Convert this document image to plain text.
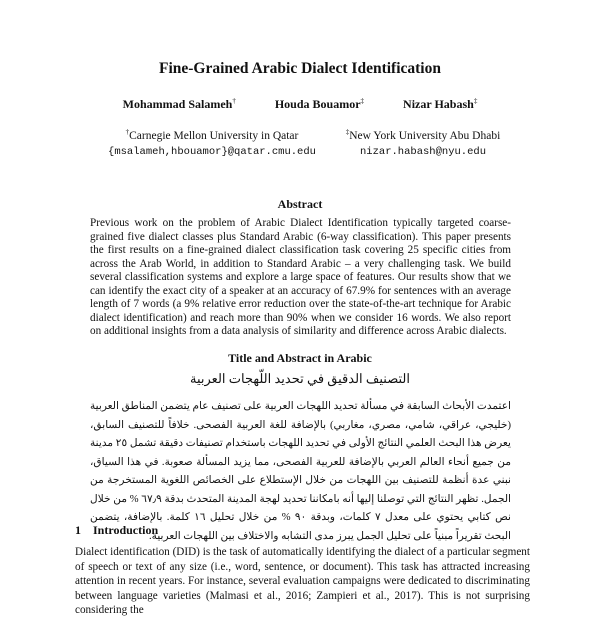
Fine-Grained Arabic Dialect Identification
Mohammad Salameh†	Houda Bouamor‡	Nizar Habash‡
†Carnegie Mellon University in Qatar
{msalameh,hbouamor}@qatar.cmu.edu
‡New York University Abu Dhabi
nizar.habash@nyu.edu
Abstract
Previous work on the problem of Arabic Dialect Identification typically targeted coarse-grained five dialect classes plus Standard Arabic (6-way classification). This paper presents the first results on a fine-grained dialect classification task covering 25 specific cities from across the Arab World, in addition to Standard Arabic – a very challenging task. We build several classification systems and explore a large space of features. Our results show that we can identify the exact city of a speaker at an accuracy of 67.9% for sentences with an average length of 7 words (a 9% relative error reduction over the state-of-the-art technique for Arabic dialect identification) and reach more than 90% when we consider 16 words. We also report on additional insights from a data analysis of similarity and difference across Arabic dialects.
Title and Abstract in Arabic
التصنيف الدقيق في تحديد اللّهجات العربية
اعتمدت الأبحاث السابقة في مسألة تحديد اللهجات العربية على تصنيف عام يتضمن المناطق العربية (خليجي، عراقي، شامي، مصري، مغاربي) بالإضافة للغة العربية الفصحى. خلافاً للتصنيف السابق، يعرض هذا البحث العلمي النتائج الأولى في تحديد اللهجات باستخدام تصنيفات دقيقة تشمل ٢٥ مدينة من جميع أنحاء العالم العربي بالإضافة للعربية الفصحى، مما يزيد المسألة صعوبة. في هذا السياق، نبني عدة أنظمة للتصنيف بين اللهجات من خلال الإستطلاع على الخصائص اللغوية المستخرجة من الجمل. تظهر النتائج التي توصلنا إليها أنه بامكاننا تحديد لهجة المدينة المتحدث بدقة ٦٧٫٩ % من خلال نص كتابي يحتوي على معدل ٧ كلمات، وبدقة ٩٠ % من خلال تحليل ١٦ كلمة. بالإضافة، يتضمن البحث تقريراً مبنياً على تحليل الجمل يبرز مدى التشابه والاختلاف بين اللهجات العربية.
1 Introduction
Dialect identification (DID) is the task of automatically identifying the dialect of a particular segment of speech or text of any size (i.e., word, sentence, or document). This task has attracted increasing attention in recent years. For instance, several evaluation campaigns were dedicated to discriminating between language varieties (Malmasi et al., 2016; Zampieri et al., 2017). This is not surprising considering the
